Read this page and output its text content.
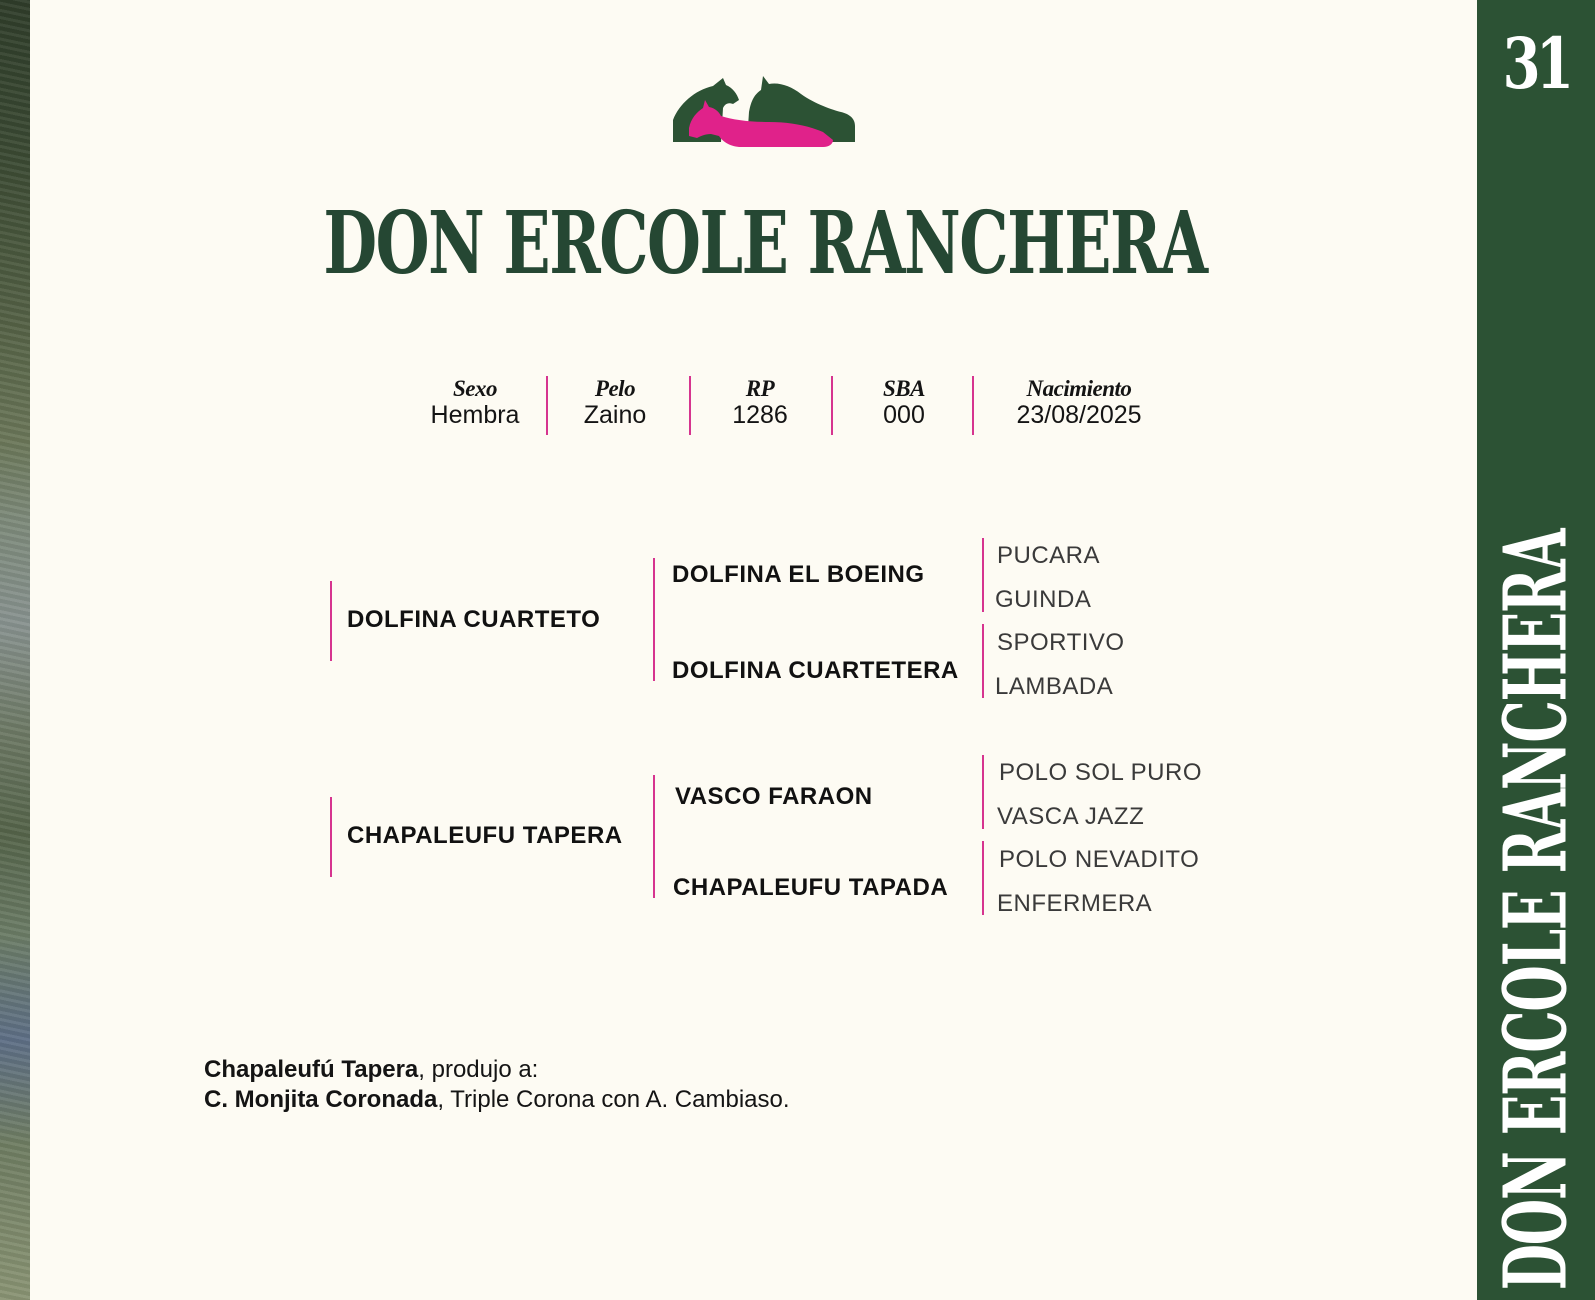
31
DON ERCOLE RANCHERA
DON ERCOLE RANCHERA
Sexo
Hembra
Pelo
Zaino
RP
1286
SBA
000
Nacimiento
23/08/2025
DOLFINA CUARTETO
DOLFINA EL BOEING
DOLFINA CUARTETERA
PUCARA
GUINDA
SPORTIVO
LAMBADA
CHAPALEUFU TAPERA
VASCO FARAON
CHAPALEUFU TAPADA
POLO SOL PURO
VASCA JAZZ
POLO NEVADITO
ENFERMERA
Chapaleufú Tapera, produjo a:
C. Monjita Coronada, Triple Corona con A. Cambiaso.
